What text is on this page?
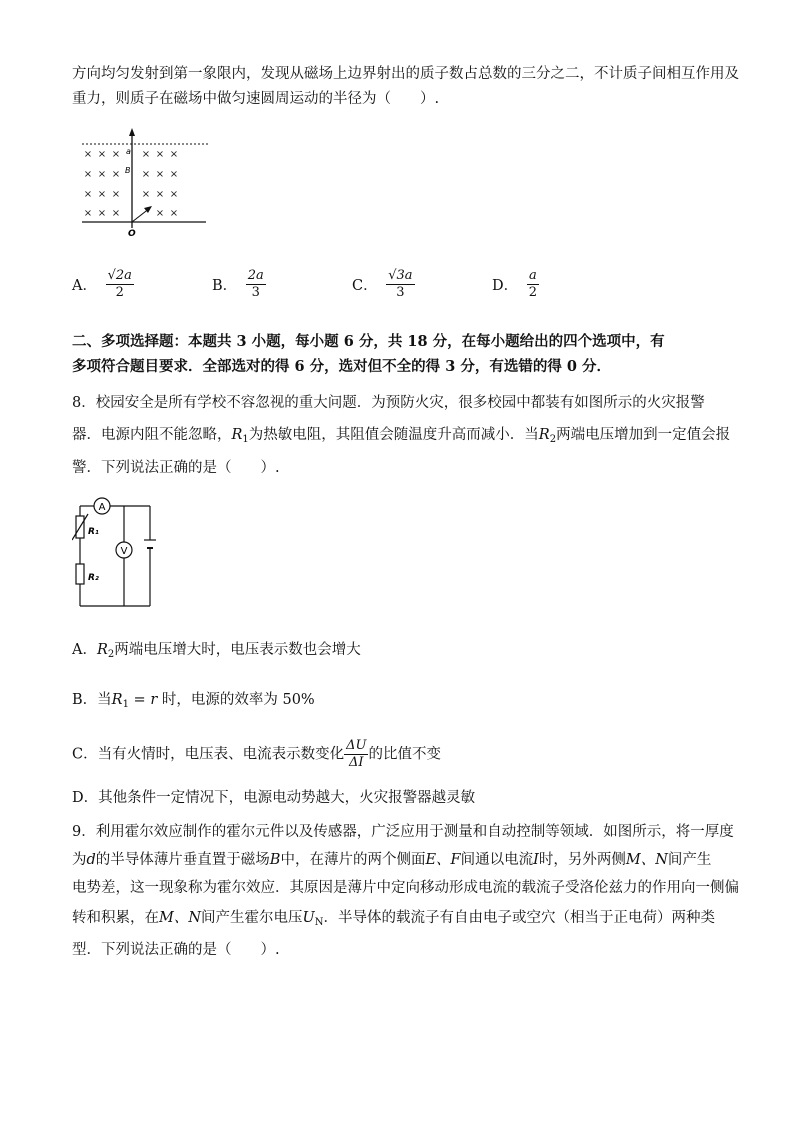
方向均匀发射到第一象限内，发现从磁场上边界射出的质子数占总数的三分之二，不计质子间相互作用及
重力，则质子在磁场中做匀速圆周运动的半径为（　　）.
× × × × × ×
× × × × × ×
× × × × × ×
× × ×	× ×
B
a
O
A． $\frac{√2a}{2}$	B． $\frac{2a}{3}$	C． $\frac{√3a}{3}$	D． $\frac{a}{2}$
二、多项选择题：本题共 3 小题，每小题 6 分，共 18 分，在每小题给出的四个选项中，有
多项符合题目要求．全部选对的得 6 分，选对但不全的得 3 分，有选错的得 0 分．
8．校园安全是所有学校不容忽视的重大问题．为预防火灾，很多校园中都装有如图所示的火灾报警
器．电源内阻不能忽略，$R_1$为热敏电阻，其阻值会随温度升高而减小．当$R_2$两端电压增加到一定值会报
警．下列说法正确的是（　　）.
A
V
R₁
R₂
A．$R_2$两端电压增大时，电压表示数也会增大
B．当$R_1 = r$ 时，电源的效率为 50%
C．当有火情时，电压表、电流表示数变化 $\frac{\Delta U}{\Delta I}$ 的比值不变
D．其他条件一定情况下，电源电动势越大，火灾报警器越灵敏
9．利用霍尔效应制作的霍尔元件以及传感器，广泛应用于测量和自动控制等领域．如图所示，将一厚度
为d的半导体薄片垂直置于磁场B中，在薄片的两个侧面E、F间通以电流I时，另外两侧M、N间产生
电势差，这一现象称为霍尔效应．其原因是薄片中定向移动形成电流的载流子受洛伦兹力的作用向一侧偏
转和积累，在M、N间产生霍尔电压$U_N$．半导体的载流子有自由电子或空穴（相当于正电荷）两种类
型．下列说法正确的是（　　）.
